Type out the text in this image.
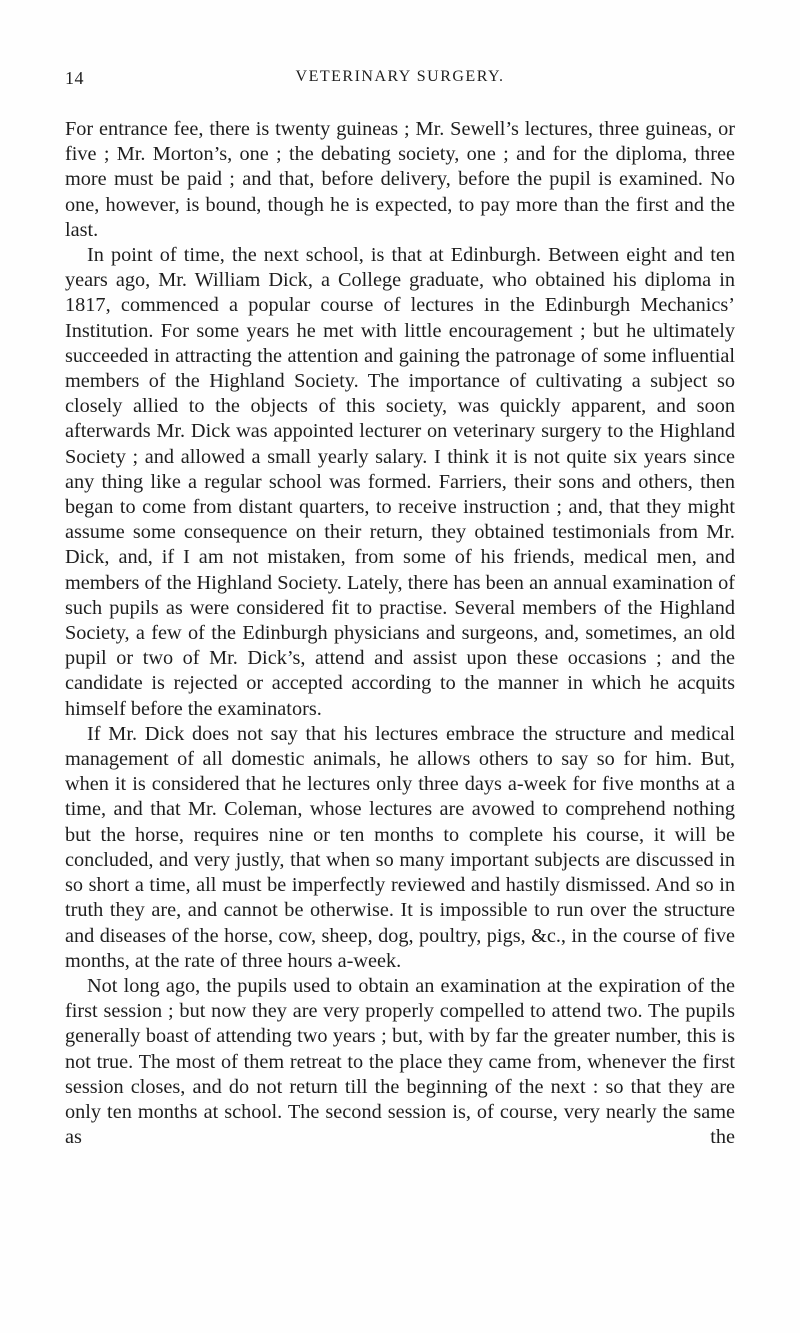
14	VETERINARY SURGERY.

For entrance fee, there is twenty guineas ; Mr. Sewell’s lectures, three guineas, or five ; Mr. Morton’s, one ; the debating society, one ; and for the diploma, three more must be paid ; and that, before delivery, before the pupil is examined. No one, however, is bound, though he is expected, to pay more than the first and the last.

In point of time, the next school, is that at Edinburgh. Between eight and ten years ago, Mr. William Dick, a College graduate, who obtained his diploma in 1817, commenced a popular course of lectures in the Edinburgh Mechanics’ Institution. For some years he met with little encouragement ; but he ultimately succeeded in attracting the attention and gaining the patronage of some influential members of the Highland Society. The importance of cultivating a subject so closely allied to the objects of this society, was quickly apparent, and soon afterwards Mr. Dick was appointed lecturer on veterinary surgery to the Highland Society ; and allowed a small yearly salary. I think it is not quite six years since any thing like a regular school was formed. Farriers, their sons and others, then began to come from distant quarters, to receive instruction ; and, that they might assume some consequence on their return, they obtained testimonials from Mr. Dick, and, if I am not mistaken, from some of his friends, medical men, and members of the Highland Society. Lately, there has been an annual examination of such pupils as were considered fit to practise. Several members of the Highland Society, a few of the Edinburgh physicians and surgeons, and, sometimes, an old pupil or two of Mr. Dick’s, attend and assist upon these occasions ; and the candidate is rejected or accepted according to the manner in which he acquits himself before the examinators.

If Mr. Dick does not say that his lectures embrace the structure and medical management of all domestic animals, he allows others to say so for him. But, when it is considered that he lectures only three days a-week for five months at a time, and that Mr. Coleman, whose lectures are avowed to comprehend nothing but the horse, requires nine or ten months to complete his course, it will be concluded, and very justly, that when so many important subjects are discussed in so short a time, all must be imperfectly reviewed and hastily dismissed. And so in truth they are, and cannot be otherwise. It is impossible to run over the structure and diseases of the horse, cow, sheep, dog, poultry, pigs, &c., in the course of five months, at the rate of three hours a-week.

Not long ago, the pupils used to obtain an examination at the expiration of the first session ; but now they are very properly compelled to attend two. The pupils generally boast of attending two years ; but, with by far the greater number, this is not true. The most of them retreat to the place they came from, whenever the first session closes, and do not return till the beginning of the next : so that they are only ten months at school. The second session is, of course, very nearly the same as the
